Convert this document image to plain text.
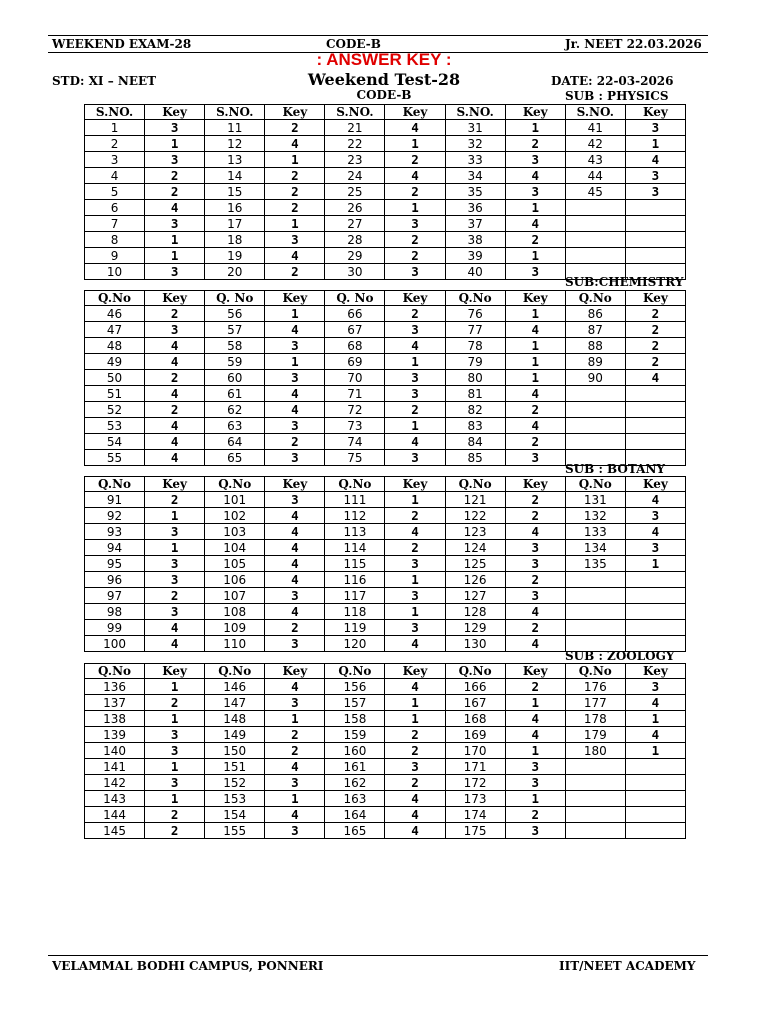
WEEKEND EXAM-28	CODE-B	Jr. NEET 22.03.2026
: ANSWER KEY :
STD: XI – NEET	Weekend Test-28	DATE: 22-03-2026
CODE-B	SUB : PHYSICS
SUB:CHEMISTRY
SUB : BOTANY
SUB : ZOOLOGY
S.NO.	Key	S.NO.	Key	S.NO.	Key	S.NO.	Key	S.NO.	Key
1	3	11	2	21	4	31	1	41	3
2	1	12	4	22	1	32	2	42	1
3	3	13	1	23	2	33	3	43	4
4	2	14	2	24	4	34	4	44	3
5	2	15	2	25	2	35	3	45	3
6	4	16	2	26	1	36	1		
7	3	17	1	27	3	37	4		
8	1	18	3	28	2	38	2		
9	1	19	4	29	2	39	1		
10	3	20	2	30	3	40	3		
Q.No	Key	Q. No	Key	Q. No	Key	Q.No	Key	Q.No	Key
46	2	56	1	66	2	76	1	86	2
47	3	57	4	67	3	77	4	87	2
48	4	58	3	68	4	78	1	88	2
49	4	59	1	69	1	79	1	89	2
50	2	60	3	70	3	80	1	90	4
51	4	61	4	71	3	81	4		
52	2	62	4	72	2	82	2		
53	4	63	3	73	1	83	4		
54	4	64	2	74	4	84	2		
55	4	65	3	75	3	85	3		
Q.No	Key	Q.No	Key	Q.No	Key	Q.No	Key	Q.No	Key
91	2	101	3	111	1	121	2	131	4
92	1	102	4	112	2	122	2	132	3
93	3	103	4	113	4	123	4	133	4
94	1	104	4	114	2	124	3	134	3
95	3	105	4	115	3	125	3	135	1
96	3	106	4	116	1	126	2		
97	2	107	3	117	3	127	3		
98	3	108	4	118	1	128	4		
99	4	109	2	119	3	129	2		
100	4	110	3	120	4	130	4		
Q.No	Key	Q.No	Key	Q.No	Key	Q.No	Key	Q.No	Key
136	1	146	4	156	4	166	2	176	3
137	2	147	3	157	1	167	1	177	4
138	1	148	1	158	1	168	4	178	1
139	3	149	2	159	2	169	4	179	4
140	3	150	2	160	2	170	1	180	1
141	1	151	4	161	3	171	3		
142	3	152	3	162	2	172	3		
143	1	153	1	163	4	173	1		
144	2	154	4	164	4	174	2		
145	2	155	3	165	4	175	3		
VELAMMAL BODHI CAMPUS, PONNERI	IIT/NEET ACADEMY
